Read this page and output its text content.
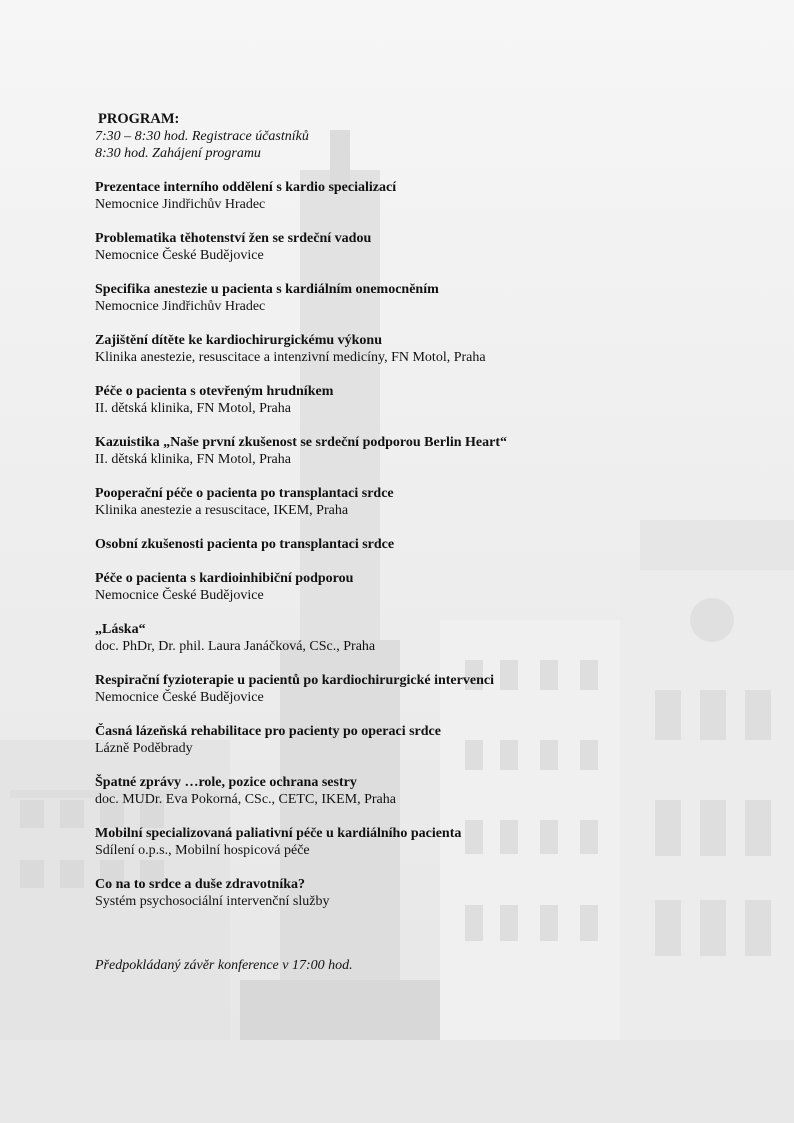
PROGRAM:

7:30 – 8:30 hod. Registrace účastníků

8:30 hod. Zahájení programu

Prezentace interního oddělení s kardio specializací

Nemocnice Jindřichův Hradec

Problematika těhotenství žen se srdeční vadou

Nemocnice České Budějovice

Specifika anestezie u pacienta s kardiálním onemocněním

Nemocnice Jindřichův Hradec

Zajištění dítěte ke kardiochirurgickému výkonu

Klinika anestezie, resuscitace a intenzivní medicíny, FN Motol, Praha

Péče o pacienta s otevřeným hrudníkem

II. dětská klinika, FN Motol, Praha

Kazuistika „Naše první zkušenost se srdeční podporou Berlin Heart“

II. dětská klinika, FN Motol, Praha

Pooperační péče o pacienta po transplantaci srdce

Klinika anestezie a resuscitace, IKEM, Praha

Osobní zkušenosti pacienta po transplantaci srdce

Péče o pacienta s kardioinhibiční podporou

Nemocnice České Budějovice

„Láska“

doc. PhDr, Dr. phil. Laura Janáčková, CSc., Praha

Respirační fyzioterapie u pacientů po kardiochirurgické intervenci

Nemocnice České Budějovice

Časná lázeňská rehabilitace pro pacienty po operaci srdce

Lázně Poděbrady

Špatné zprávy …role, pozice ochrana sestry

doc. MUDr. Eva Pokorná, CSc., CETC, IKEM, Praha

Mobilní specializovaná paliativní péče u kardiálního pacienta

Sdílení o.p.s., Mobilní hospicová péče

Co na to srdce a duše zdravotníka?

Systém psychosociální intervenční služby

Předpokládaný závěr konference v 17:00 hod.
